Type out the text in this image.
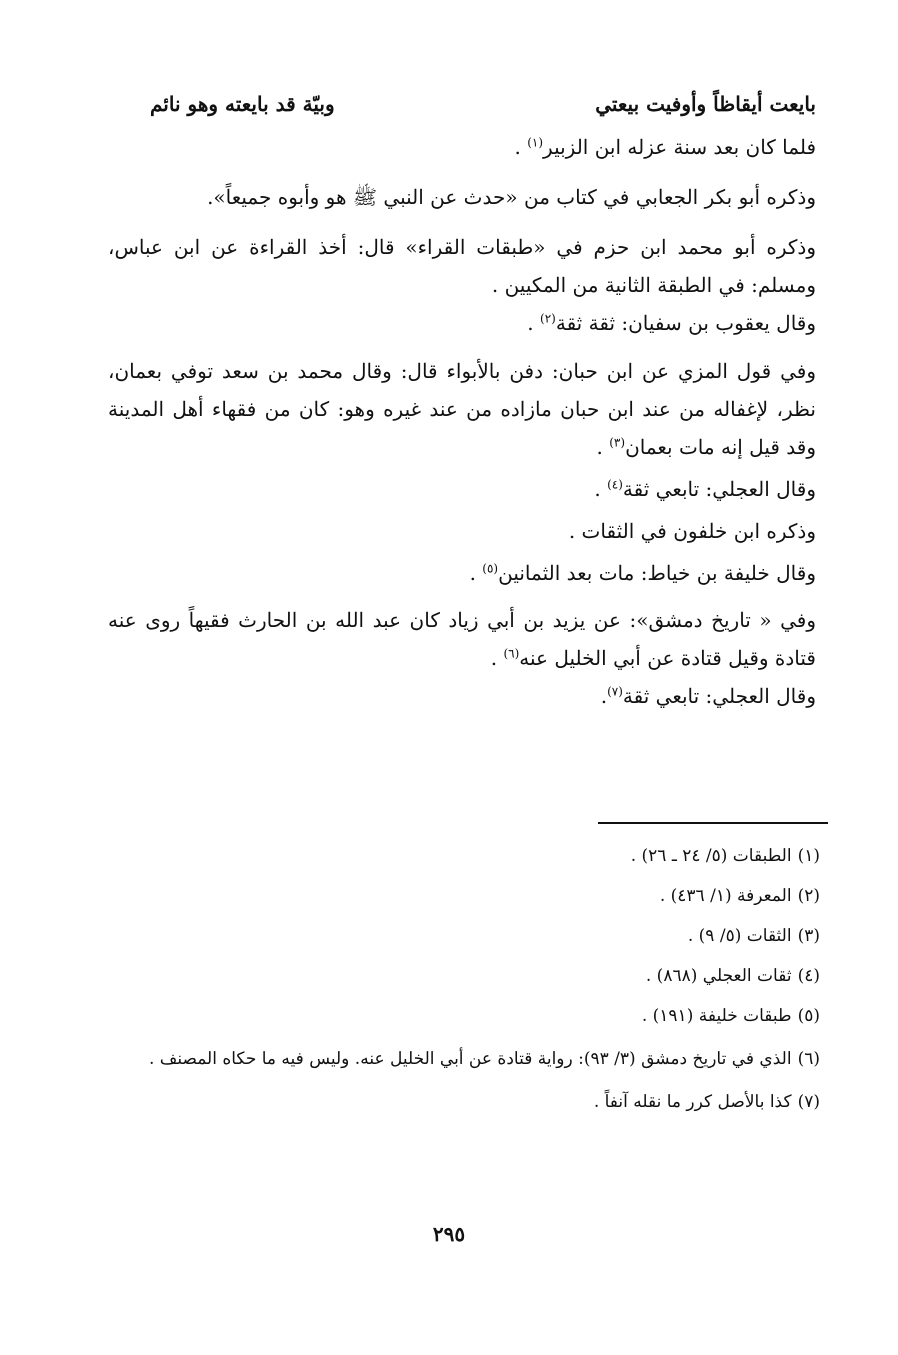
بايعت أيقاظاً وأوفيت بيعتي
وبيّة قد بايعته وهو نائم

فلما كان بعد سنة عزله ابن الزبير$^{(١)}$ .

وذكره أبو بكر الجعابي في كتاب من «حدث عن النبي ﷺ هو وأبوه جميعاً».

وذكره أبو محمد ابن حزم في «طبقات القراء» قال: أخذ القراءة عن ابن عباس، ومسلم: في الطبقة الثانية من المكيين .

وقال يعقوب بن سفيان: ثقة ثقة$^{(٢)}$ .

وفي قول المزي عن ابن حبان: دفن بالأبواء قال: وقال محمد بن سعد توفي بعمان، نظر، لإغفاله من عند ابن حبان مازاده من عند غيره وهو: كان من فقهاء أهل المدينة وقد قيل إنه مات بعمان$^{(٣)}$ .

وقال العجلي: تابعي ثقة$^{(٤)}$ .

وذكره ابن خلفون في الثقات .

وقال خليفة بن خياط: مات بعد الثمانين$^{(٥)}$ .

وفي « تاريخ دمشق»: عن يزيد بن أبي زياد كان عبد الله بن الحارث فقيهاً روى عنه قتادة وقيل قتادة عن أبي الخليل عنه$^{(٦)}$ .

وقال العجلي: تابعي ثقة$^{(٧)}$.

(١)الطبقات (٥/ ٢٤ ـ ٢٦) .

(٢)المعرفة (١/ ٤٣٦) .

(٣)الثقات (٥/ ٩) .

(٤)ثقات العجلي (٨٦٨) .

(٥)طبقات خليفة (١٩١) .

(٦)الذي في تاريخ دمشق (٣/ ٩٣): رواية قتادة عن أبي الخليل عنه. وليس فيه ما حكاه المصنف .

(٧)كذا بالأصل كرر ما نقله آنفاً .

٢٩٥
